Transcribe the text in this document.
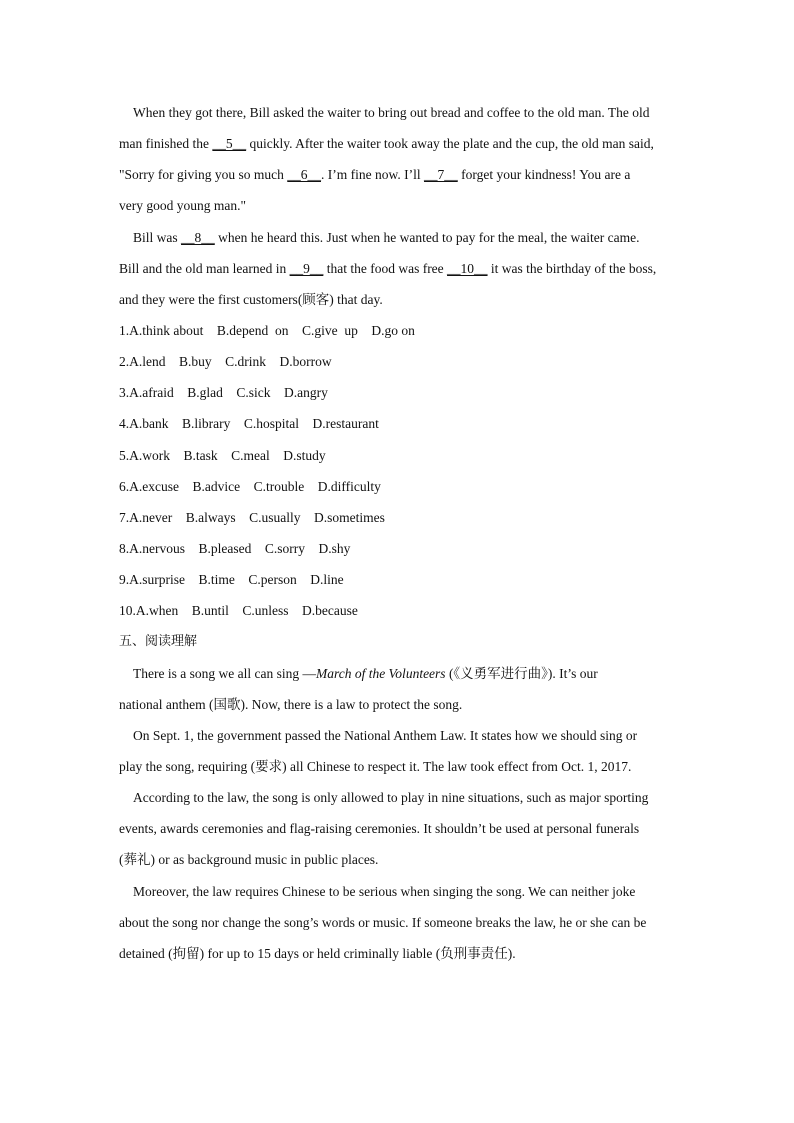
When they got there, Bill asked the waiter to bring out bread and coffee to the old man. The old
man finished the __5__ quickly. After the waiter took away the plate and the cup, the old man said,
"Sorry for giving you so much __6__. I’m fine now. I’ll __7__ forget your kindness! You are a
very good young man."
Bill was __8__ when he heard this. Just when he wanted to pay for the meal, the waiter came.
Bill and the old man learned in __9__ that the food was free __10__ it was the birthday of the boss,
and they were the first customers(顾客) that day.
1.A.think about    B.depend  on    C.give  up    D.go on
2.A.lend    B.buy    C.drink    D.borrow
3.A.afraid    B.glad    C.sick    D.angry
4.A.bank    B.library    C.hospital    D.restaurant
5.A.work    B.task    C.meal    D.study
6.A.excuse    B.advice    C.trouble    D.difficulty
7.A.never    B.always    C.usually    D.sometimes
8.A.nervous    B.pleased    C.sorry    D.shy
9.A.surprise    B.time    C.person    D.line
10.A.when    B.until    C.unless    D.because
五、阅读理解
There is a song we all can sing —March of the Volunteers (《义勇军进行曲》). It’s our
national anthem (国歌). Now, there is a law to protect the song.
On Sept. 1, the government passed the National Anthem Law. It states how we should sing or
play the song, requiring (要求) all Chinese to respect it. The law took effect from Oct. 1, 2017.
According to the law, the song is only allowed to play in nine situations, such as major sporting
events, awards ceremonies and flag-raising ceremonies. It shouldn’t be used at personal funerals
(葬礼) or as background music in public places.
Moreover, the law requires Chinese to be serious when singing the song. We can neither joke
about the song nor change the song’s words or music. If someone breaks the law, he or she can be
detained (拘留) for up to 15 days or held criminally liable (负刑事责任).
